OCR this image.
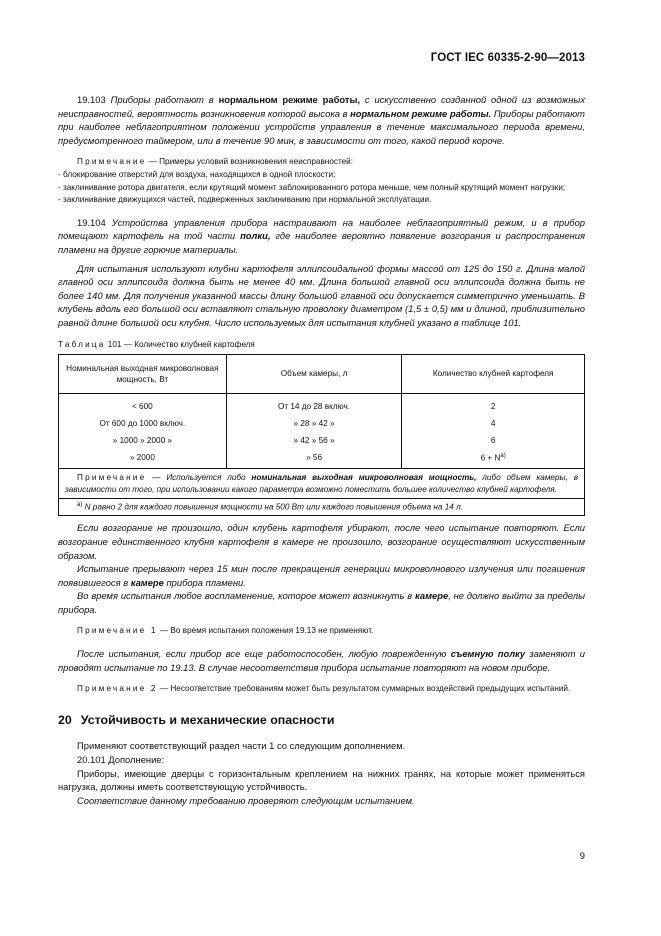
ГОСТ IEC 60335-2-90—2013

19.103 Приборы работают в нормальном режиме работы, с искусственно созданной одной из возможных неисправностей, вероятность возникновения которой высока в нормальном режиме работы. Приборы работают при наиболее неблагоприятном положении устройств управления в течение максимального периода времени, предусмотренного таймером, или в течение 90 мин, в зависимости от того, какой период короче.

Примечание — Примеры условий возникновения неисправностей:

- блокирование отверстий для воздуха, находящихся в одной плоскости;

- заклинивание ротора двигателя, если крутящий момент заблокированного ротора меньше, чем полный крутящий момент нагрузки;

- заклинивание движущихся частей, подверженных заклиниванию при нормальной эксплуатации.

19.104 Устройства управления прибора настраивают на наиболее неблагоприятный режим, и в прибор помещают картофель на той части полки, где наиболее вероятно появление возгорания и распространения пламени на другие горючие материалы.

Для испытания используют клубни картофеля эллипсоидальной формы массой от 125 до 150 г. Длина малой главной оси эллипсоида должна быть не менее 40 мм. Длина большой главной оси эллипсоида должна быть не более 140 мм. Для получения указанной массы длину большой главной оси допускается симметрично уменьшать. В клубень вдоль его большой оси вставляют стальную проволоку диаметром (1,5 ± 0,5) мм и длиной, приблизительно равной длине большой оси клубня. Число используемых для испытания клубней указано в таблице 101.

Таблица 101 — Количество клубней картофеля

Номинальная выходная микроволновая мощность, Вт	Объем камеры, л	Количество клубней картофеля
< 600	От 14 до 28 включ.	2
От 600 до 1000 включ.	» 28 » 42 »	4
» 1000 » 2000 »	» 42 » 56 »	6
» 2000	» 56	$6 + N^{a)}$
Примечание — Используется либо номинальная выходная микроволновая мощность, либо объем камеры, в зависимости от того, при использовании какого параметра возможно поместить большее количество клубней картофеля.		
$^{a)}$ N равно 2 для каждого повышения мощности на 500 Вт или каждого повышения объема на 14 л.		

Если возгорание не произошло, один клубень картофеля убирают, после чего испытание повторяют. Если возгорание единственного клубня картофеля в камере не произошло, возгорание осуществляют искусственным образом.

Испытание прерывают через 15 мин после прекращения генерации микроволнового излучения или погашения появившегося в камере прибора пламени.

Во время испытания любое воспламенение, которое может возникнуть в камере, не должно выйти за пределы прибора.

Примечание 1 — Во время испытания положения 19.13 не применяют.

После испытания, если прибор все еще работоспособен, любую поврежденную съемную полку заменяют и проводят испытание по 19.13. В случае несоответствия прибора испытание повторяют на новом приборе.

Примечание 2 — Несоответствие требованиям может быть результатом суммарных воздействий предыдущих испытаний.

20 Устойчивость и механические опасности

Применяют соответствующий раздел части 1 со следующим дополнением.

20.101 Дополнение:

Приборы, имеющие дверцы с горизонтальным креплением на нижних гранях, на которые может применяться нагрузка, должны иметь соответствующую устойчивость.

Соответствие данному требованию проверяют следующим испытанием.

9
